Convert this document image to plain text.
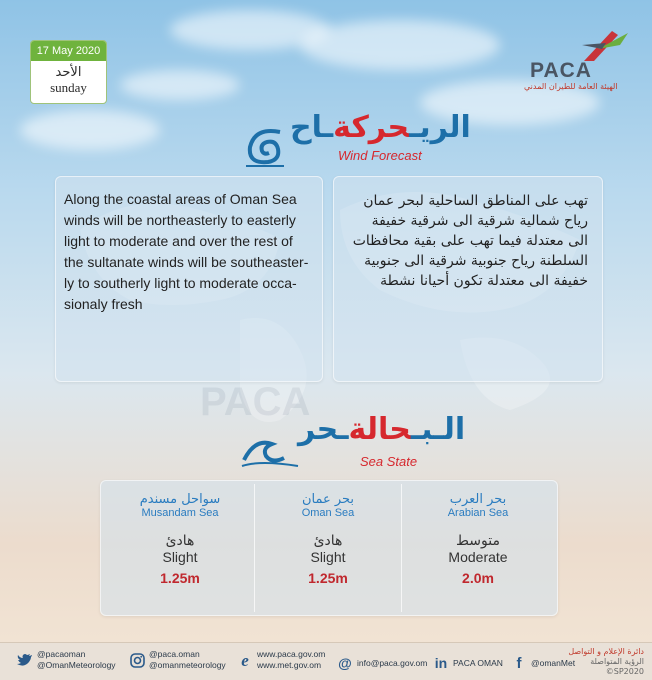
17 May 2020
الأحد
sunday
PACA
الهيئة العامة للطيران المدني
الريـحركةـاح
Wind Forecast
Along the coastal areas of Oman Sea winds will be northeasterly to easterly light to moderate and over the rest of the sultanate winds will be southeaster-ly to southerly light to moderate occa-sionaly fresh
تهب على المناطق الساحلية لبحر عمان رياح شمالية شرقية الى شرقية خفيفة الى معتدلة فيما تهب على بقية محافظات السلطنة رياح جنوبية شرقية الى جنوبية خفيفة الى معتدلة تكون أحيانا نشطة
PACA
الـبـحالةـحر
Sea State
سواحل مسندم
Musandam Sea
هادئ
Slight
1.25m
بحر عمان
Oman Sea
هادئ
Slight
1.25m
بحر العرب
Arabian Sea
متوسط
Moderate
2.0m
@pacaoman
@OmanMeteorology
@paca.oman
@omanmeteorology e www.paca.gov.om
www.met.gov.om	@ info@paca.gov.om in PACA OMAN f @omanMet
دائرة الإعلام و التواصل
الرؤية المتواصلة
©SP2020
